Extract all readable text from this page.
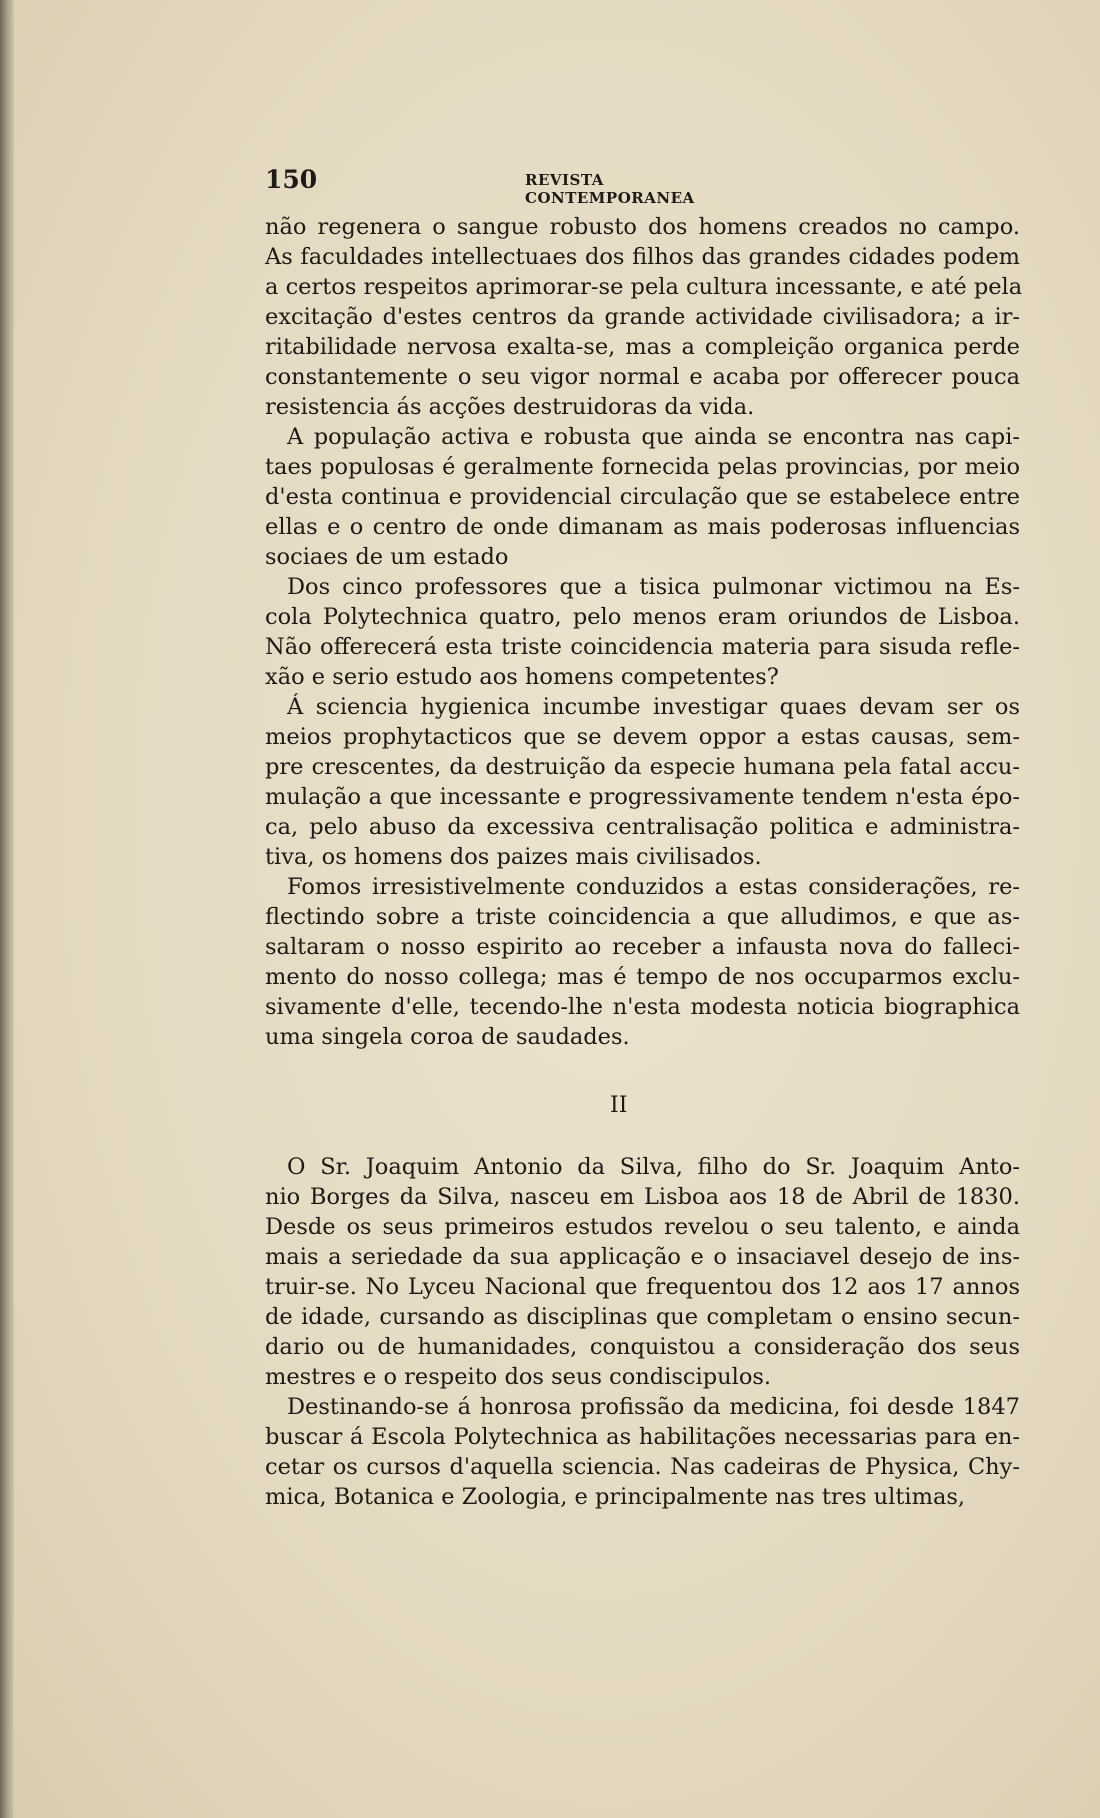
150	REVISTA CONTEMPORANEA
não regenera o sangue robusto dos homens creados no campo.
As faculdades intellectuaes dos filhos das grandes cidades podem
a certos respeitos aprimorar-se pela cultura incessante, e até pela
excitação d'estes centros da grande actividade civilisadora; a ir-
ritabilidade nervosa exalta-se, mas a compleição organica perde
constantemente o seu vigor normal e acaba por offerecer pouca
resistencia ás acções destruidoras da vida.
A população activa e robusta que ainda se encontra nas capi-
taes populosas é geralmente fornecida pelas provincias, por meio
d'esta continua e providencial circulação que se estabelece entre
ellas e o centro de onde dimanam as mais poderosas influencias
sociaes de um estado
Dos cinco professores que a tisica pulmonar victimou na Es-
cola Polytechnica quatro, pelo menos eram oriundos de Lisboa.
Não offerecerá esta triste coincidencia materia para sisuda refle-
xão e serio estudo aos homens competentes?
Á sciencia hygienica incumbe investigar quaes devam ser os
meios prophytacticos que se devem oppor a estas causas, sem-
pre crescentes, da destruição da especie humana pela fatal accu-
mulação a que incessante e progressivamente tendem n'esta épo-
ca, pelo abuso da excessiva centralisação politica e administra-
tiva, os homens dos paizes mais civilisados.
Fomos irresistivelmente conduzidos a estas considerações, re-
flectindo sobre a triste coincidencia a que alludimos, e que as-
saltaram o nosso espirito ao receber a infausta nova do falleci-
mento do nosso collega; mas é tempo de nos occuparmos exclu-
sivamente d'elle, tecendo-lhe n'esta modesta noticia biographica
uma singela coroa de saudades.
II
O Sr. Joaquim Antonio da Silva, filho do Sr. Joaquim Anto-
nio Borges da Silva, nasceu em Lisboa aos 18 de Abril de 1830.
Desde os seus primeiros estudos revelou o seu talento, e ainda
mais a seriedade da sua applicação e o insaciavel desejo de ins-
truir-se. No Lyceu Nacional que frequentou dos 12 aos 17 annos
de idade, cursando as disciplinas que completam o ensino secun-
dario ou de humanidades, conquistou a consideração dos seus
mestres e o respeito dos seus condiscipulos.
Destinando-se á honrosa profissão da medicina, foi desde 1847
buscar á Escola Polytechnica as habilitações necessarias para en-
cetar os cursos d'aquella sciencia. Nas cadeiras de Physica, Chy-
mica, Botanica e Zoologia, e principalmente nas tres ultimas,
